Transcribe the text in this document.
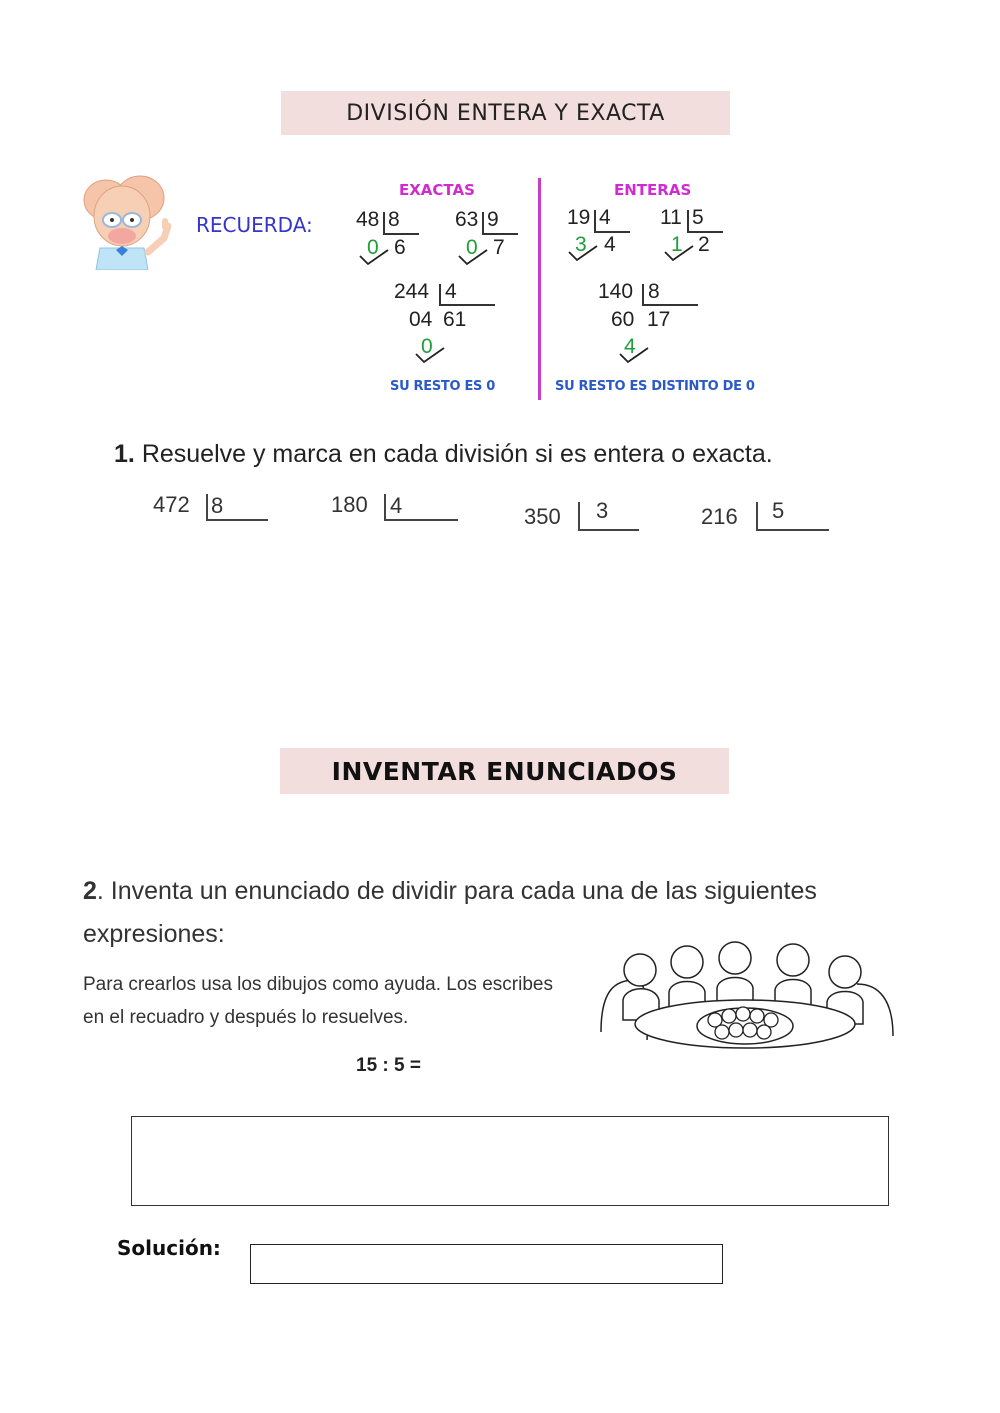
DIVISIÓN ENTERA Y EXACTA
RECUERDA:
EXACTAS	ENTERAS
48 8
0 6
63 9
0 7
244 4
04 61
0
SU RESTO ES 0
19 4
3 4
11 5
1 2
140 8
60 17
4
SU RESTO ES DISTINTO DE 0
1. Resuelve y marca en cada división si es entera o exacta.
472 8	180 4	350 3	216 5
INVENTAR ENUNCIADOS
2. Inventa un enunciado de dividir para cada una de las siguientes expresiones:
Para crearlos usa los dibujos como ayuda. Los escribes en el recuadro y después lo resuelves.
15 : 5 =
Solución:
